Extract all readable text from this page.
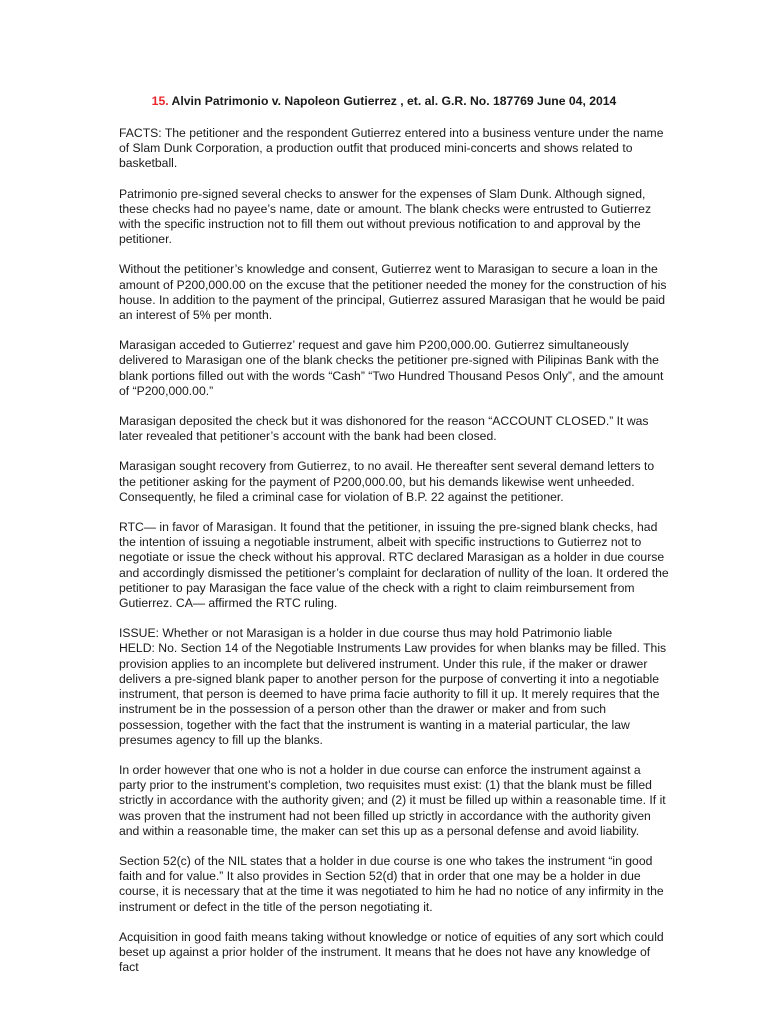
15. Alvin Patrimonio v. Napoleon Gutierrez , et. al. G.R. No. 187769 June 04, 2014

FACTS: The petitioner and the respondent Gutierrez entered into a business venture under the name of Slam Dunk Corporation, a production outfit that produced mini-concerts and shows related to basketball.

Patrimonio pre-signed several checks to answer for the expenses of Slam Dunk. Although signed, these checks had no payee’s name, date or amount. The blank checks were entrusted to Gutierrez with the specific instruction not to fill them out without previous notification to and approval by the petitioner.

Without the petitioner’s knowledge and consent, Gutierrez went to Marasigan to secure a loan in the amount of P200,000.00 on the excuse that the petitioner needed the money for the construction of his house. In addition to the payment of the principal, Gutierrez assured Marasigan that he would be paid an interest of 5% per month.

Marasigan acceded to Gutierrez’ request and gave him P200,000.00. Gutierrez simultaneously delivered to Marasigan one of the blank checks the petitioner pre-signed with Pilipinas Bank with the blank portions filled out with the words “Cash” “Two Hundred Thousand Pesos Only”, and the amount of “P200,000.00.”

Marasigan deposited the check but it was dishonored for the reason “ACCOUNT CLOSED.” It was later revealed that petitioner’s account with the bank had been closed.

Marasigan sought recovery from Gutierrez, to no avail. He thereafter sent several demand letters to the petitioner asking for the payment of P200,000.00, but his demands likewise went unheeded. Consequently, he filed a criminal case for violation of B.P. 22 against the petitioner.

RTC— in favor of Marasigan. It found that the petitioner, in issuing the pre-signed blank checks, had the intention of issuing a negotiable instrument, albeit with specific instructions to Gutierrez not to negotiate or issue the check without his approval. RTC declared Marasigan as a holder in due course and accordingly dismissed the petitioner’s complaint for declaration of nullity of the loan. It ordered the petitioner to pay Marasigan the face value of the check with a right to claim reimbursement from Gutierrez. CA— affirmed the RTC ruling.

ISSUE: Whether or not Marasigan is a holder in due course thus may hold Patrimonio liable

HELD: No. Section 14 of the Negotiable Instruments Law provides for when blanks may be filled. This provision applies to an incomplete but delivered instrument. Under this rule, if the maker or drawer delivers a pre-signed blank paper to another person for the purpose of converting it into a negotiable instrument, that person is deemed to have prima facie authority to fill it up. It merely requires that the instrument be in the possession of a person other than the drawer or maker and from such possession, together with the fact that the instrument is wanting in a material particular, the law presumes agency to fill up the blanks.

In order however that one who is not a holder in due course can enforce the instrument against a party prior to the instrument’s completion, two requisites must exist: (1) that the blank must be filled strictly in accordance with the authority given; and (2) it must be filled up within a reasonable time. If it was proven that the instrument had not been filled up strictly in accordance with the authority given and within a reasonable time, the maker can set this up as a personal defense and avoid liability.

Section 52(c) of the NIL states that a holder in due course is one who takes the instrument “in good faith and for value.” It also provides in Section 52(d) that in order that one may be a holder in due course, it is necessary that at the time it was negotiated to him he had no notice of any infirmity in the instrument or defect in the title of the person negotiating it.

Acquisition in good faith means taking without knowledge or notice of equities of any sort which could beset up against a prior holder of the instrument. It means that he does not have any knowledge of fact
